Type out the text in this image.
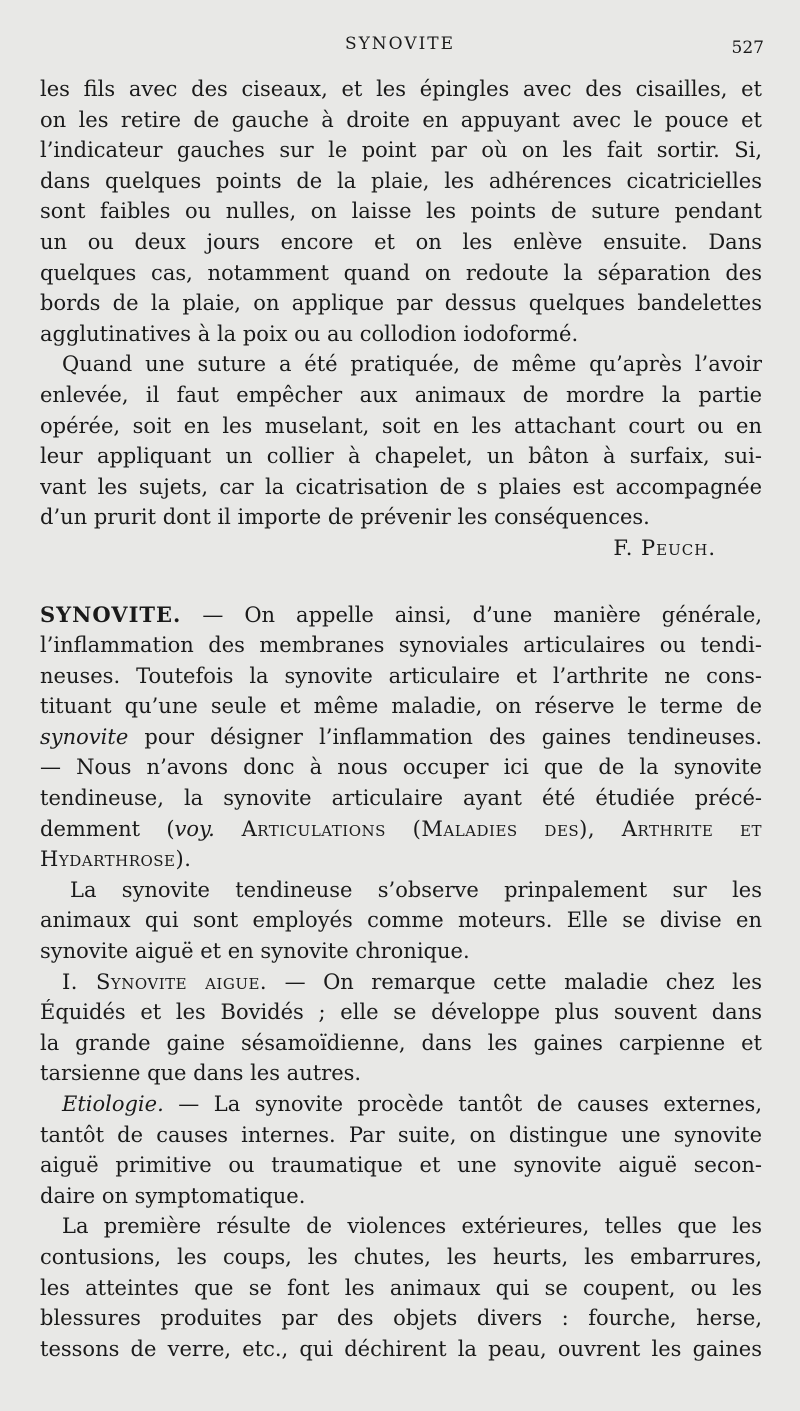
SYNOVITE	527
les fils avec des ciseaux, et les épingles avec des cisailles, et
on les retire de gauche à droite en appuyant avec le pouce et
l’indicateur gauches sur le point par où on les fait sortir. Si,
dans quelques points de la plaie, les adhérences cicatricielles
sont faibles ou nulles, on laisse les points de suture pendant
un ou deux jours encore et on les enlève ensuite. Dans
quelques cas, notamment quand on redoute la séparation des
bords de la plaie, on applique par dessus quelques bandelettes
agglutinatives à la poix ou au collodion iodoformé.
Quand une suture a été pratiquée, de même qu’après l’avoir
enlevée, il faut empêcher aux animaux de mordre la partie
opérée, soit en les muselant, soit en les attachant court ou en
leur appliquant un collier à chapelet, un bâton à surfaix, sui-
vant les sujets, car la cicatrisation de s plaies est accompagnée
d’un prurit dont il importe de prévenir les conséquences.
F. Peuch.
SYNOVITE. — On appelle ainsi, d’une manière générale,
l’inflammation des membranes synoviales articulaires ou tendi-
neuses. Toutefois la synovite articulaire et l’arthrite ne cons-
tituant qu’une seule et même maladie, on réserve le terme de
synovite pour désigner l’inflammation des gaines tendineuses.
— Nous n’avons donc à nous occuper ici que de la synovite
tendineuse, la synovite articulaire ayant été étudiée précé-
demment (voy. Articulations (Maladies des), Arthrite et
Hydarthrose).
La synovite tendineuse s’observe prinpalement sur les
animaux qui sont employés comme moteurs. Elle se divise en
synovite aiguë et en synovite chronique.
I. Synovite aigue. — On remarque cette maladie chez les
Équidés et les Bovidés ; elle se développe plus souvent dans
la grande gaine sésamoïdienne, dans les gaines carpienne et
tarsienne que dans les autres.
Etiologie. — La synovite procède tantôt de causes externes,
tantôt de causes internes. Par suite, on distingue une synovite
aiguë primitive ou traumatique et une synovite aiguë secon-
daire on symptomatique.
La première résulte de violences extérieures, telles que les
contusions, les coups, les chutes, les heurts, les embarrures,
les atteintes que se font les animaux qui se coupent, ou les
blessures produites par des objets divers : fourche, herse,
tessons de verre, etc., qui déchirent la peau, ouvrent les gaines
